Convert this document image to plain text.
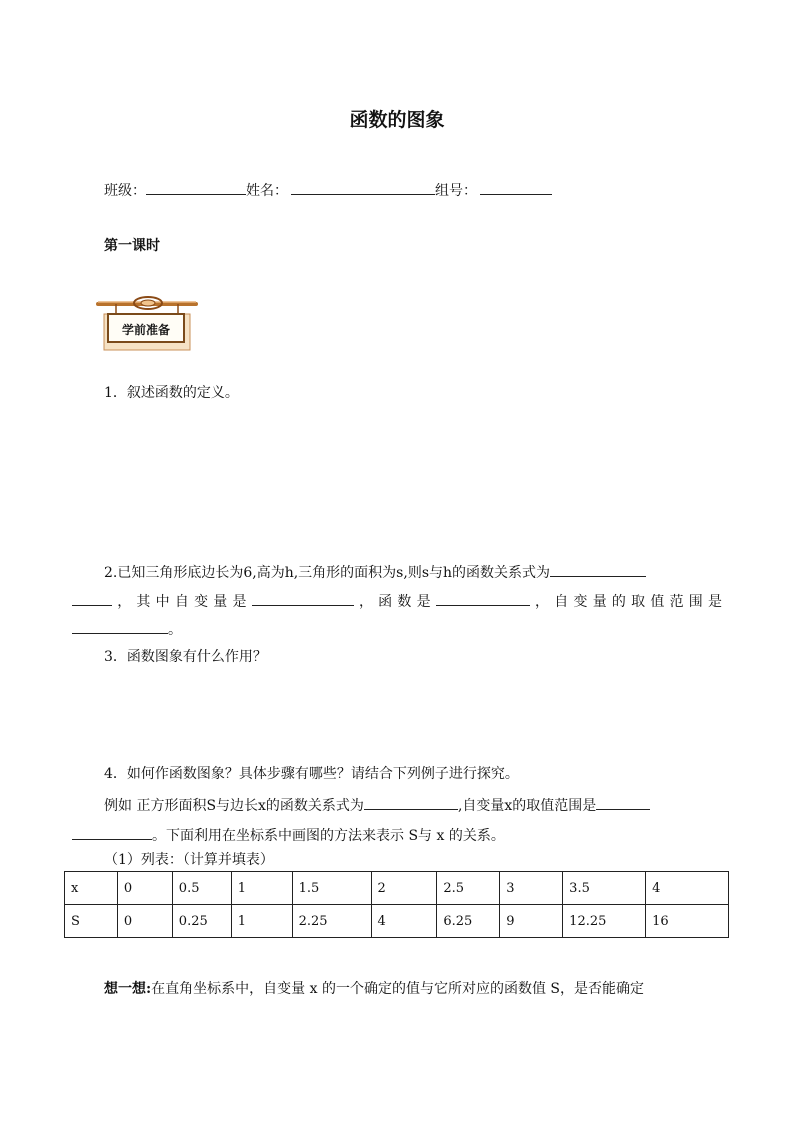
函数的图象
班级：	姓名：	组号：
第一课时
学前准备
1．叙述函数的定义。
2.已知三角形底边长为6,高为h,三角形的面积为s,则s与h的函数关系式为
，其中自变量是	，函数是	，自变量的取值范围是
。
3．函数图象有什么作用？
4．如何作函数图象？具体步骤有哪些？请结合下列例子进行探究。
例如 正方形面积S与边长x的函数关系式为	,自变量x的取值范围是
。下面利用在坐标系中画图的方法来表示 S与 x 的关系。
（1）列表：（计算并填表）
x	0	0.5	1	1.5	2	2.5	3	3.5	4
S	0	0.25	1	2.25	4	6.25	9	12.25	16
想一想:在直角坐标系中，自变量 x 的一个确定的值与它所对应的函数值 S，是否能确定
